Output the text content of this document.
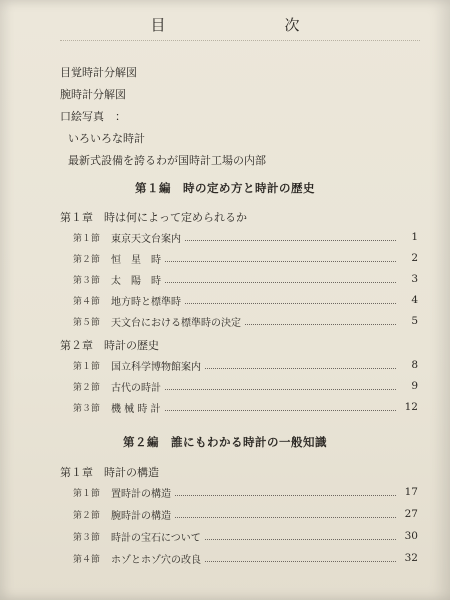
目　次
目覚時計分解図
腕時計分解図
口絵写真　：
いろいろな時計
最新式設備を誇るわが国時計工場の内部
第１編　時の定め方と時計の歴史
第１章　時は何によって定められるか
第１節	東京天文台案内	1
第２節	恒　星　時	2
第３節	太　陽　時	3
第４節	地方時と標準時	4
第５節	天文台における標準時の決定	5
第２章　時計の歴史
第１節	国立科学博物館案内	8
第２節	古代の時計	9
第３節	機 械 時 計	12
第２編　誰にもわかる時計の一般知識
第１章　時計の構造
第１節	置時計の構造	17
第２節	腕時計の構造	27
第３節	時計の宝石について	30
第４節	ホゾとホゾ穴の改良	32
